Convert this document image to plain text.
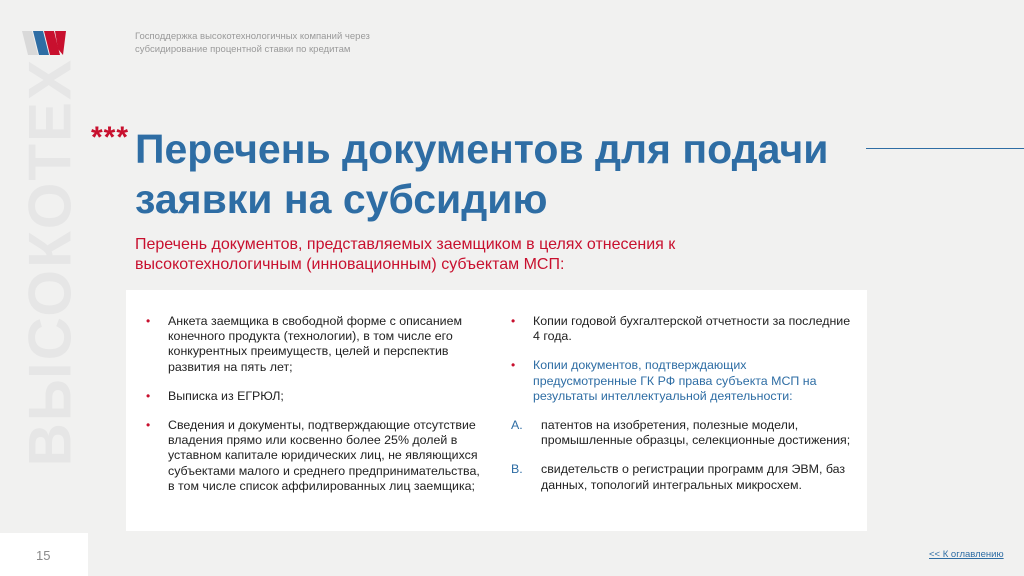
Господдержка высокотехнологичных компаний через субсидирование процентной ставки по кредитам
ВЫСОКОТЕХ *** Перечень документов для подачи заявки на субсидию
Перечень документов, представляемых заемщиком в целях отнесения к высокотехнологичным (инновационным) субъектам МСП:
• Анкета заемщика в свободной форме с описанием конечного продукта (технологии), в том числе его конкурентных преимуществ, целей и перспектив развития на пять лет;
• Выписка из ЕГРЮЛ;
• Сведения и документы, подтверждающие отсутствие владения прямо или косвенно более 25% долей в уставном капитале юридических лиц, не являющихся субъектами малого и среднего предпринимательства, в том числе список аффилированных лиц заемщика;
• Копии годовой бухгалтерской отчетности за последние 4 года.
• Копии документов, подтверждающих предусмотренные ГК РФ права субъекта МСП на результаты интеллектуальной деятельности:
A. патентов на изобретения, полезные модели, промышленные образцы, селекционные достижения;
B. свидетельств о регистрации программ для ЭВМ, баз данных, топологий интегральных микросхем.
15	<< К оглавлению
